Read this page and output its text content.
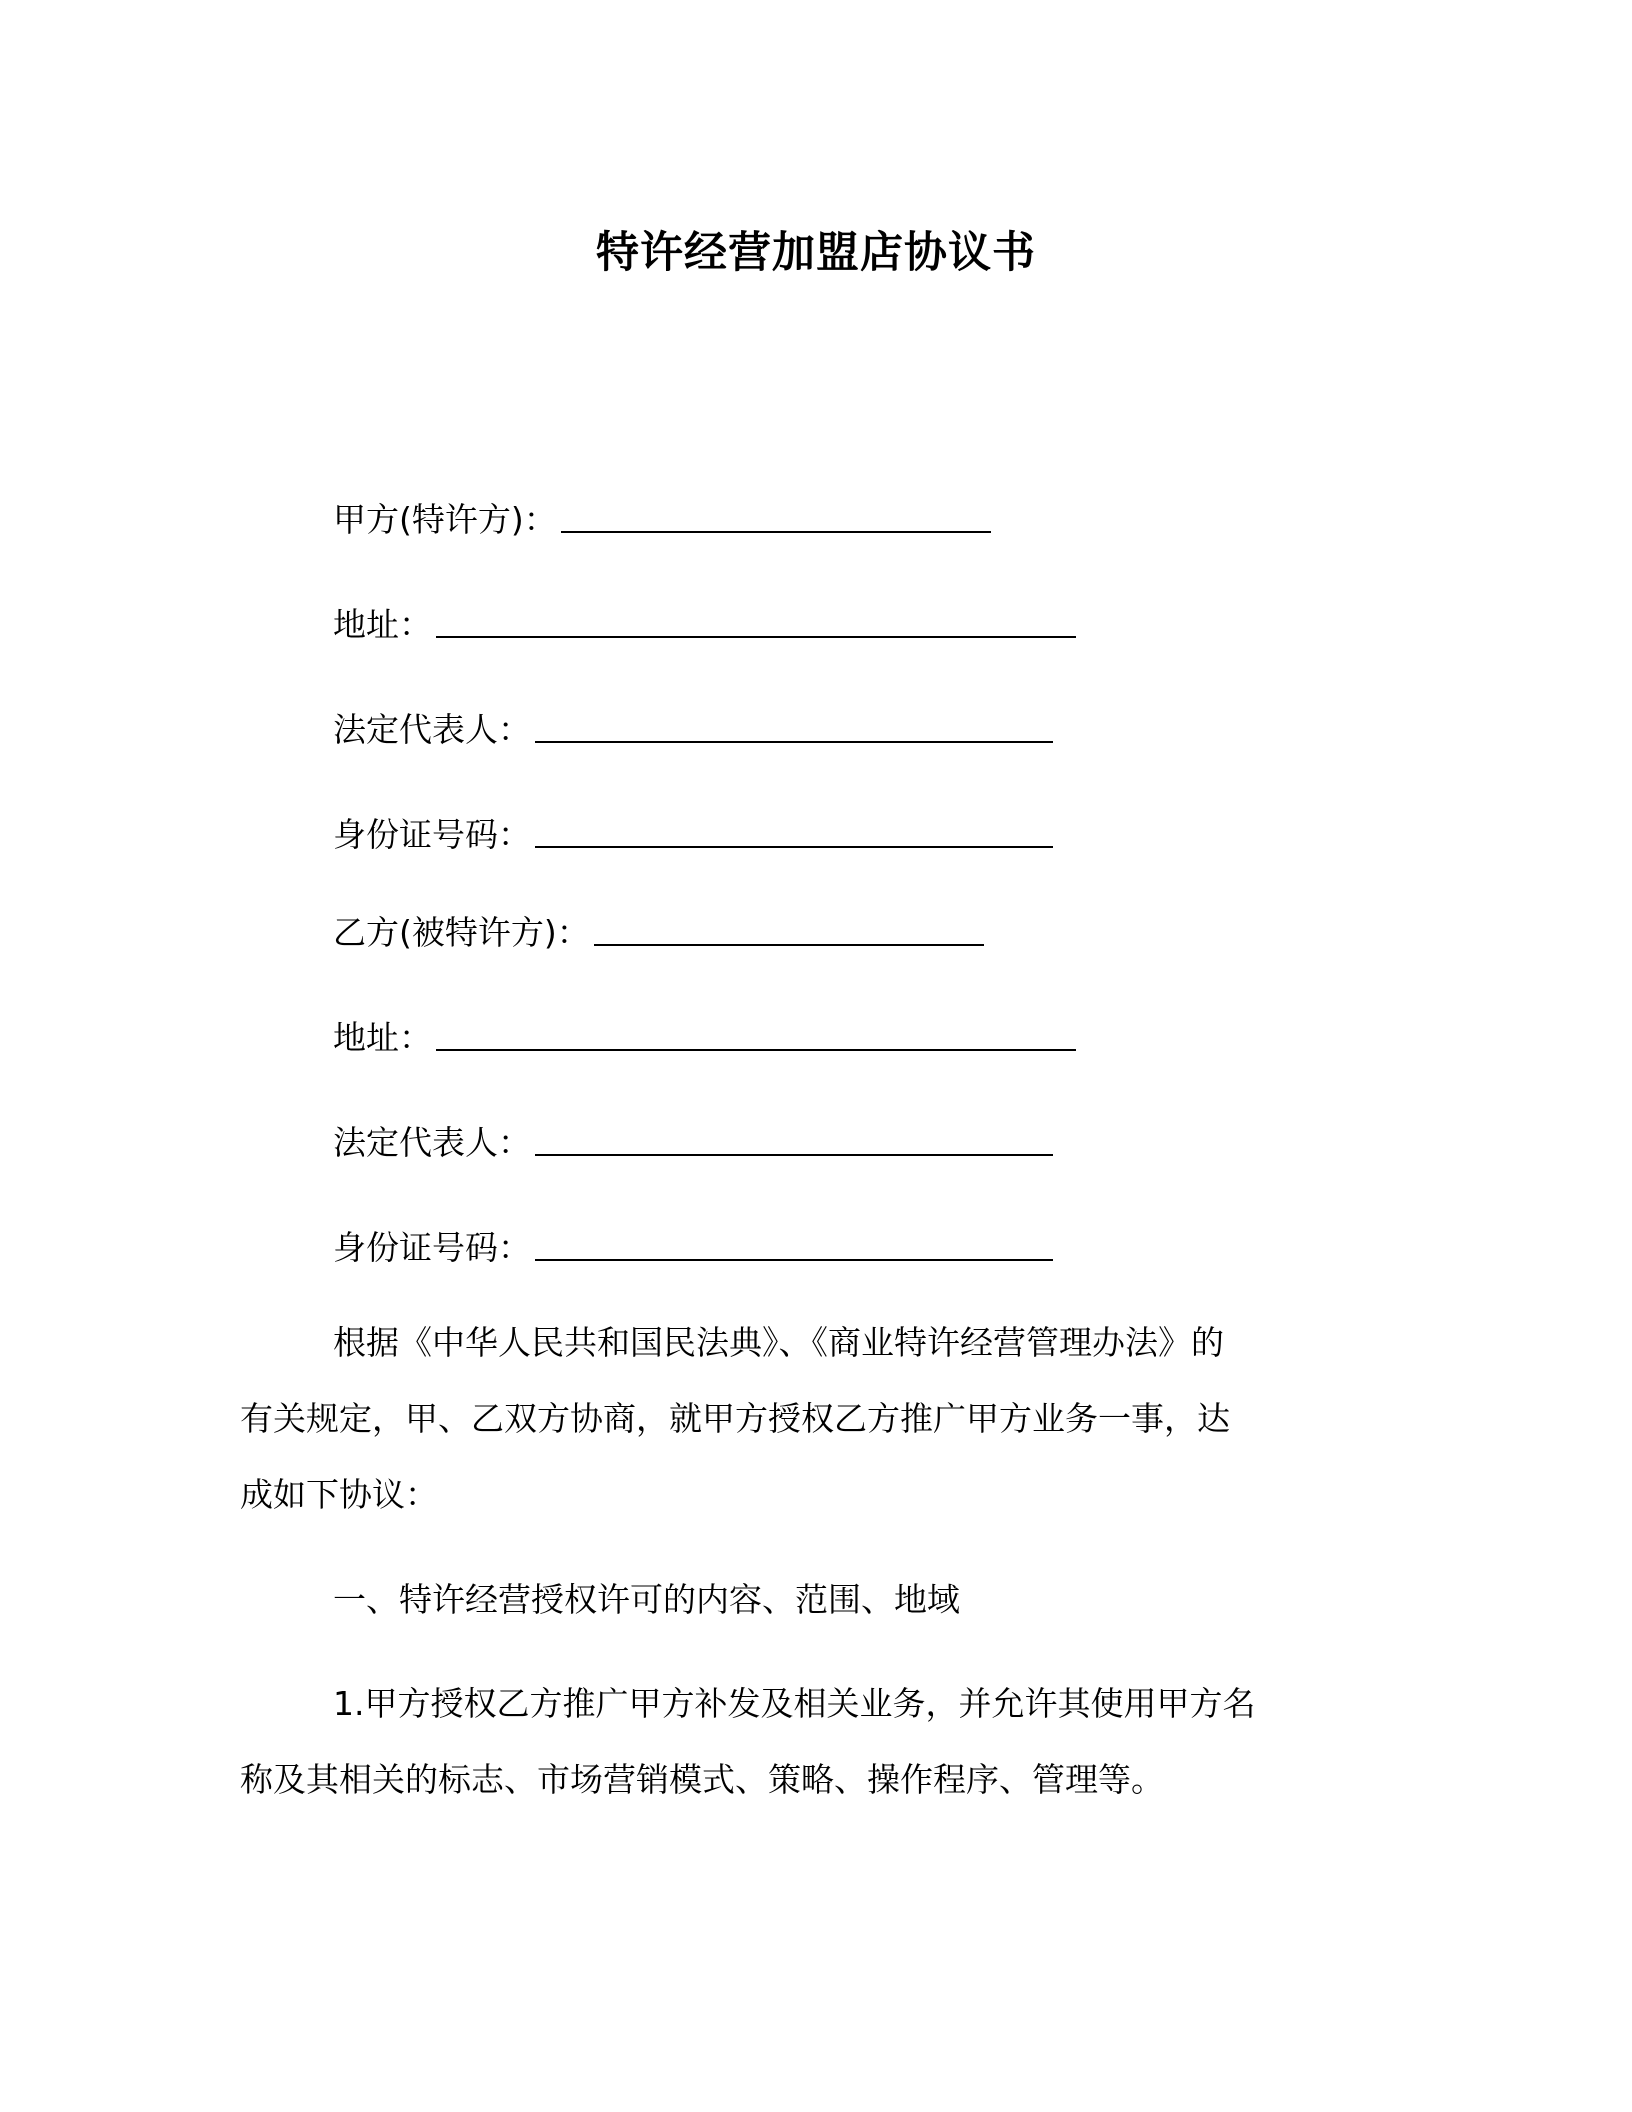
特许经营加盟店协议书
甲方(特许方)：
地址：
法定代表人：
身份证号码：
乙方(被特许方)：
地址：
法定代表人：
身份证号码：
根据《中华人民共和国民法典》、《商业特许经营管理办法》的
有关规定，甲、乙双方协商，就甲方授权乙方推广甲方业务一事，达
成如下协议：
一、特许经营授权许可的内容、范围、地域
1.甲方授权乙方推广甲方补发及相关业务，并允许其使用甲方名
称及其相关的标志、市场营销模式、策略、操作程序、管理等。
